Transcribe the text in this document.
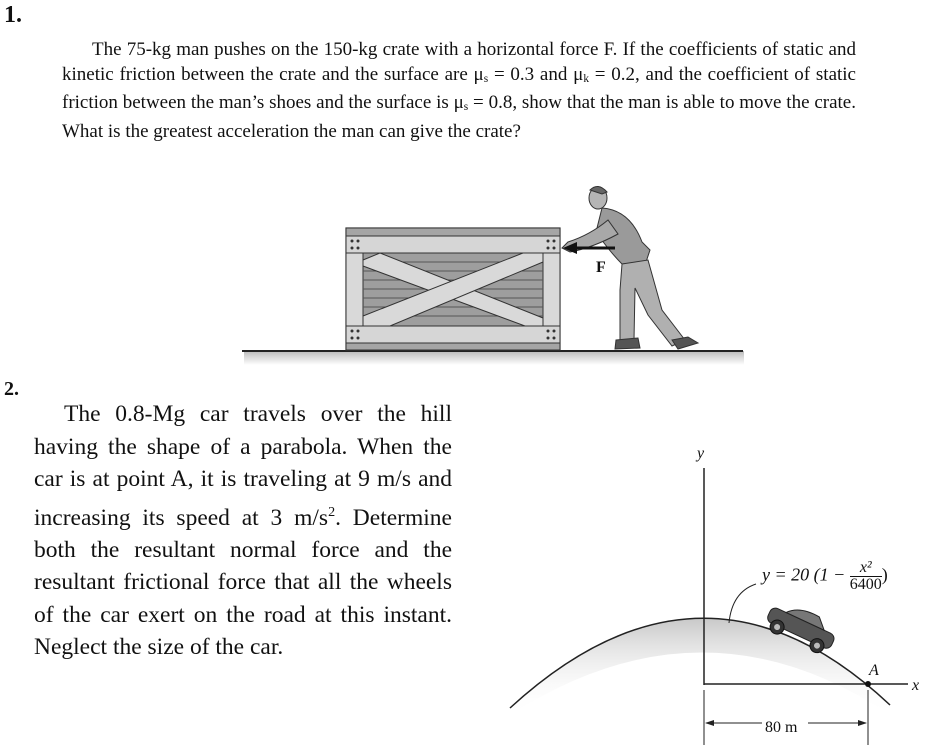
1.
The 75-kg man pushes on the 150-kg crate with a horizontal force F. If the coefficients of static and kinetic friction between the crate and the surface are $\mu_s = 0.3$ and $\mu_k = 0.2$, and the coefficient of static friction between the man’s shoes and the surface is $\mu_s = 0.8$, show that the man is able to move the crate. What is the greatest acceleration the man can give the crate?
F
2.
The 0.8-Mg car travels over the hill having the shape of a parabola. When the car is at point A, it is traveling at 9 m/s and increasing its speed at 3 $m/s^2$. Determine both the resultant normal force and the resultant frictional force that all the wheels of the car exert on the road at this instant. Neglect the size of the car.
y
x
A
80 m
y = 20 ($1 - \frac{\text{x²}}{6400}$ )
